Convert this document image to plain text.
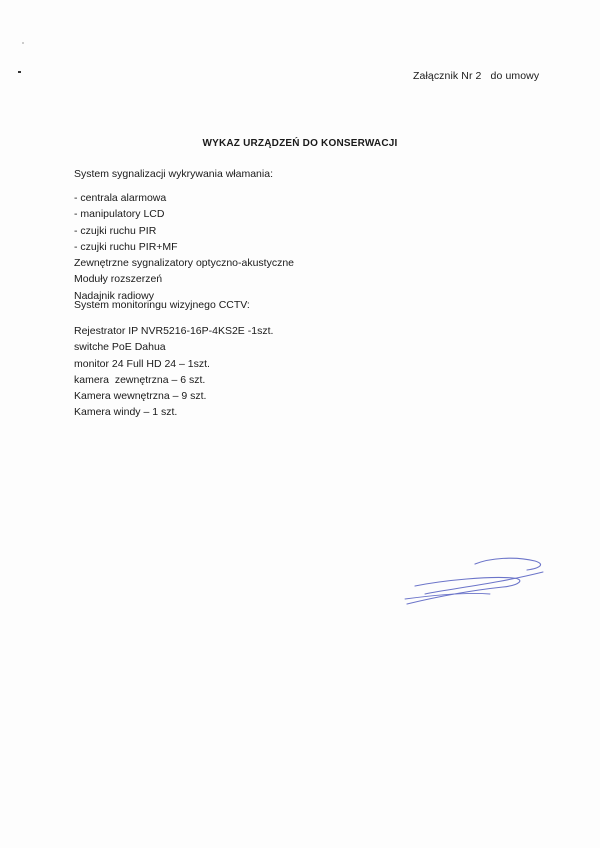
Załącznik Nr 2   do umowy
WYKAZ URZĄDZEŃ DO KONSERWACJI
System sygnalizacji wykrywania włamania:
- centrala alarmowa
- manipulatory LCD
- czujki ruchu PIR
- czujki ruchu PIR+MF
Zewnętrzne sygnalizatory optyczno-akustyczne
Moduły rozszerzeń
Nadajnik radiowy
System monitoringu wizyjnego CCTV:
Rejestrator IP NVR5216-16P-4KS2E -1szt.
switche PoE Dahua
monitor 24 Full HD 24 – 1szt.
kamera  zewnętrzna – 6 szt.
Kamera wewnętrzna – 9 szt.
Kamera windy – 1 szt.
